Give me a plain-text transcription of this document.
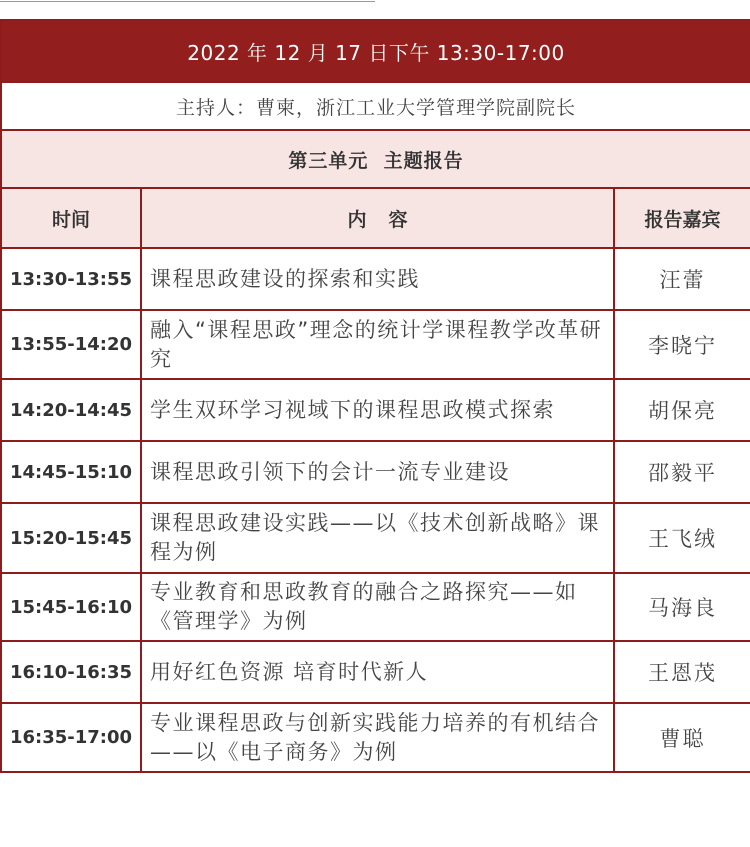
2022 年 12 月 17 日下午 13:30-17:00		
主持人：曹柬，浙江工业大学管理学院副院长		
第三单元  主题报告		
时间	内容	报告嘉宾
13:30-13:55	课程思政建设的探索和实践	汪蕾
13:55-14:20	融入“课程思政”理念的统计学课程教学改革研究	李晓宁
14:20-14:45	学生双环学习视域下的课程思政模式探索	胡保亮
14:45-15:10	课程思政引领下的会计一流专业建设	邵毅平
15:20-15:45	课程思政建设实践——以《技术创新战略》课程为例	王飞绒
15:45-16:10	专业教育和思政教育的融合之路探究——如《管理学》为例	马海良
16:10-16:35	用好红色资源 培育时代新人	王恩茂
16:35-17:00	专业课程思政与创新实践能力培养的有机结合——以《电子商务》为例	曹聪
